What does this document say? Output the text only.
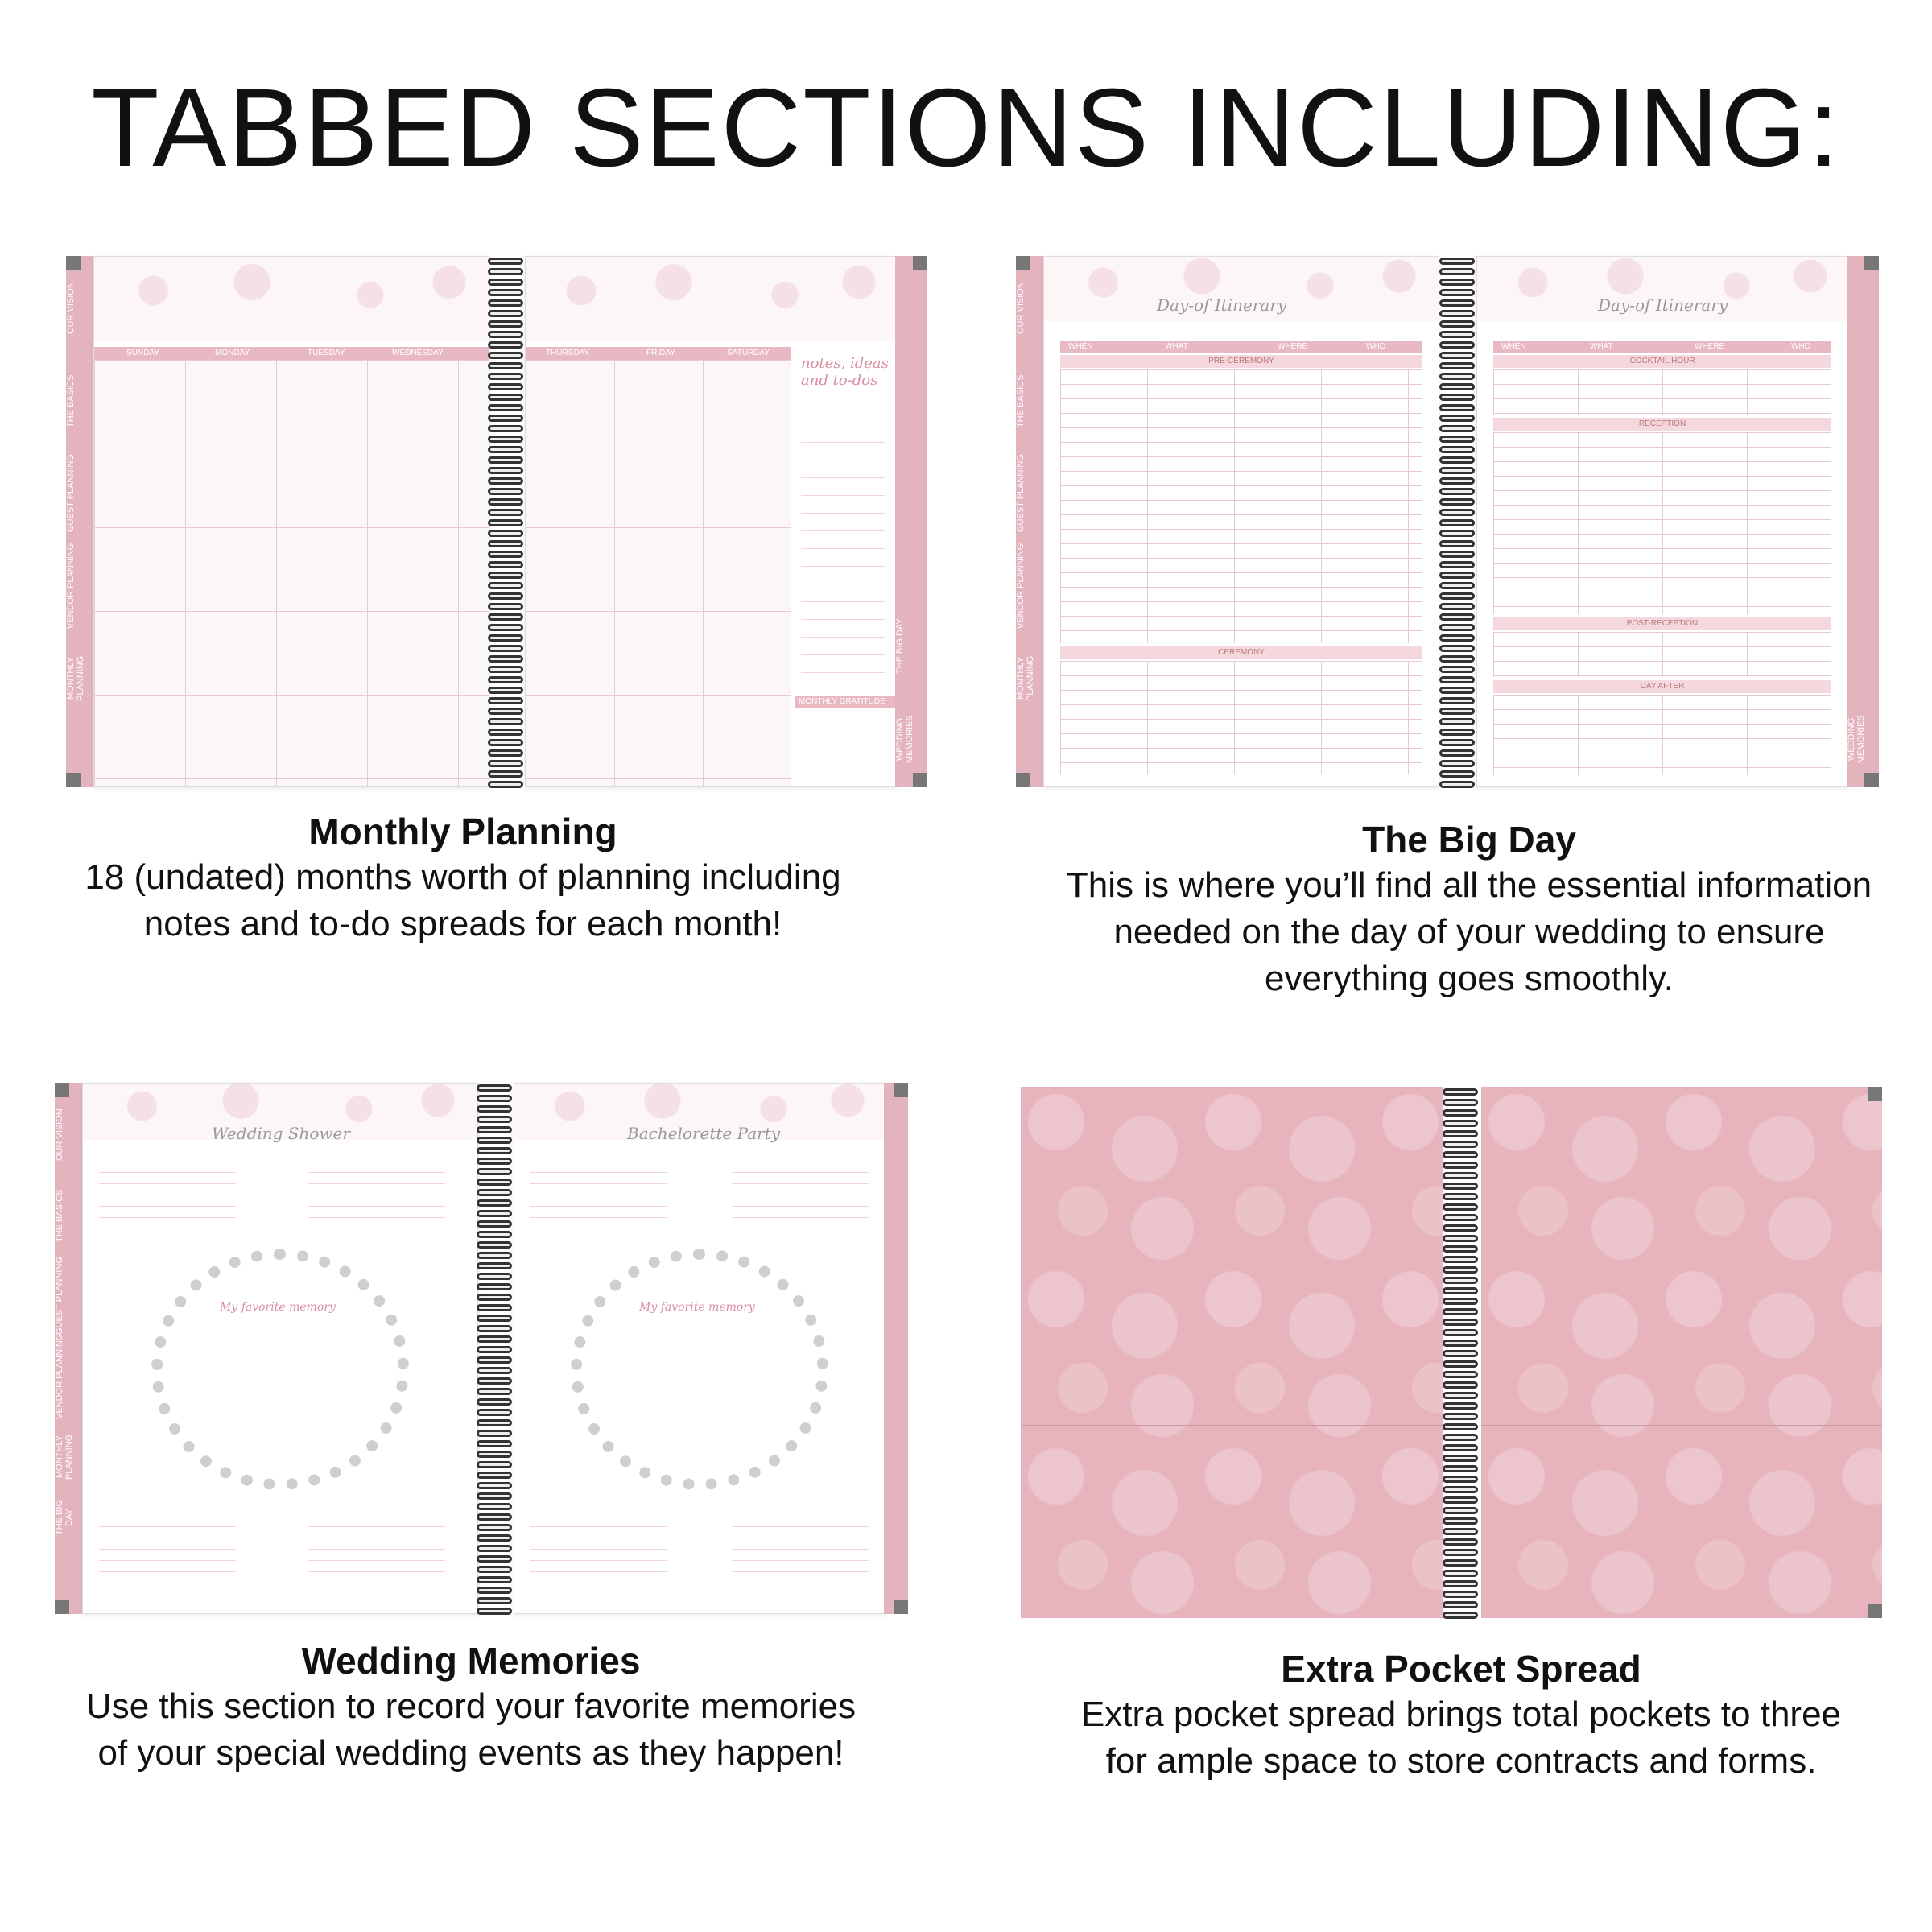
TABBED SECTIONS INCLUDING:
OUR VISION
THE BASICS
GUEST PLANNING
VENDOR PLANNING
MONTHLY PLANNING
SUNDAY	MONDAY	TUESDAY	WEDNESDAY	THURSDAY	FRIDAY	SATURDAY
notes, ideas and to-dos
MONTHLY GRATITUDE
THE BIG DAY
WEDDING MEMORIES
Monthly Planning
18 (undated) months worth of planning including
notes and to-do spreads for each month!
OUR VISION
THE BASICS
GUEST PLANNING
VENDOR PLANNING
MONTHLY PLANNING
Day-of Itinerary
WHEN	WHAT	WHERE	WHO
PRE-CEREMONY
CEREMONY
Day-of Itinerary
WHEN	WHAT	WHERE	WHO
COCKTAIL HOUR
RECEPTION
POST-RECEPTION
DAY AFTER
WEDDING MEMORIES
The Big Day
This is where you’ll find all the essential information
needed on the day of your wedding to ensure
everything goes smoothly.
OUR VISION
THE BASICS
GUEST PLANNING
VENDOR PLANNING
MONTHLY PLANNING
THE BIG DAY
Wedding Shower
My favorite memory
Bachelorette Party
My favorite memory
Wedding Memories
Use this section to record your favorite memories
of your special wedding events as they happen!
Extra Pocket Spread
Extra pocket spread brings total pockets to three
for ample space to store contracts and forms.
